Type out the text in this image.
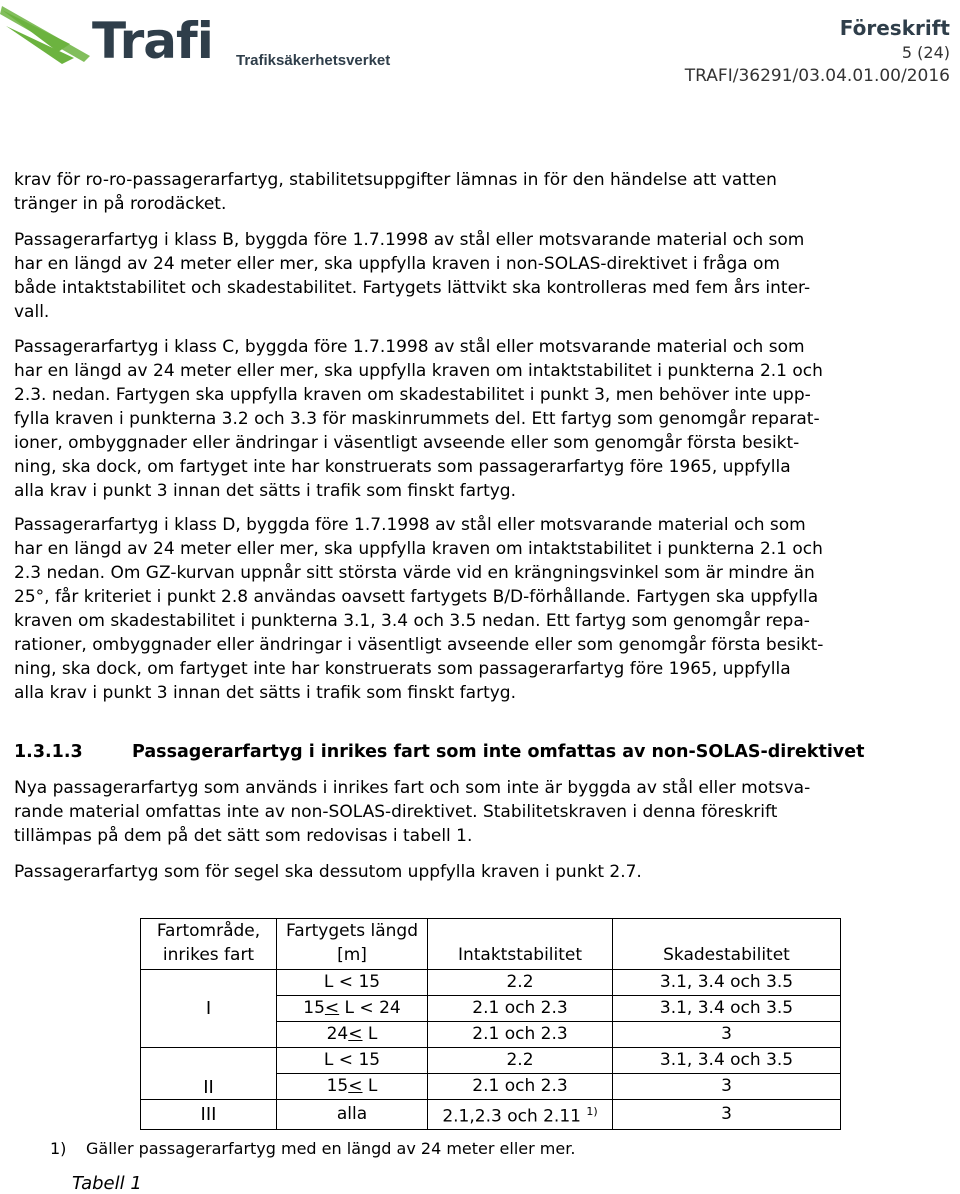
Trafi Trafiksäkerhetsverket
Föreskrift
5 (24)
TRAFI/36291/03.04.01.00/2016
krav för ro-ro-passagerarfartyg, stabilitetsuppgifter lämnas in för den händelse att vatten
tränger in på rorodäcket.
Passagerarfartyg i klass B, byggda före 1.7.1998 av stål eller motsvarande material och som
har en längd av 24 meter eller mer, ska uppfylla kraven i non-SOLAS-direktivet i fråga om
både intaktstabilitet och skadestabilitet. Fartygets lättvikt ska kontrolleras med fem års inter-
vall.
Passagerarfartyg i klass C, byggda före 1.7.1998 av stål eller motsvarande material och som
har en längd av 24 meter eller mer, ska uppfylla kraven om intaktstabilitet i punkterna 2.1 och
2.3. nedan. Fartygen ska uppfylla kraven om skadestabilitet i punkt 3, men behöver inte upp-
fylla kraven i punkterna 3.2 och 3.3 för maskinrummets del. Ett fartyg som genomgår reparat-
ioner, ombyggnader eller ändringar i väsentligt avseende eller som genomgår första besikt-
ning, ska dock, om fartyget inte har konstruerats som passagerarfartyg före 1965, uppfylla
alla krav i punkt 3 innan det sätts i trafik som finskt fartyg.
Passagerarfartyg i klass D, byggda före 1.7.1998 av stål eller motsvarande material och som
har en längd av 24 meter eller mer, ska uppfylla kraven om intaktstabilitet i punkterna 2.1 och
2.3 nedan. Om GZ-kurvan uppnår sitt största värde vid en krängningsvinkel som är mindre än
25°, får kriteriet i punkt 2.8 användas oavsett fartygets B/D-förhållande. Fartygen ska uppfylla
kraven om skadestabilitet i punkterna 3.1, 3.4 och 3.5 nedan. Ett fartyg som genomgår repa-
rationer, ombyggnader eller ändringar i väsentligt avseende eller som genomgår första besikt-
ning, ska dock, om fartyget inte har konstruerats som passagerarfartyg före 1965, uppfylla
alla krav i punkt 3 innan det sätts i trafik som finskt fartyg.
1.3.1.3	Passagerarfartyg i inrikes fart som inte omfattas av non-SOLAS-direktivet
Nya passagerarfartyg som används i inrikes fart och som inte är byggda av stål eller motsva-
rande material omfattas inte av non-SOLAS-direktivet. Stabilitetskraven i denna föreskrift
tillämpas på dem på det sätt som redovisas i tabell 1.
Passagerarfartyg som för segel ska dessutom uppfylla kraven i punkt 2.7.
Fartområde, inrikes fart	Fartygets längd [m]	Intaktstabilitet	Skadestabilitet
I	L < 15	2.2	3.1, 3.4 och 3.5
	15< L < 24	2.1 och 2.3	3.1, 3.4 och 3.5
	24< L	2.1 och 2.3	3
II	L < 15	2.2	3.1, 3.4 och 3.5
	15< L	2.1 och 2.3	3
III	alla	2.1,2.3 och 2.11 $^{1)}$	3
1) Gäller passagerarfartyg med en längd av 24 meter eller mer.
Tabell 1
